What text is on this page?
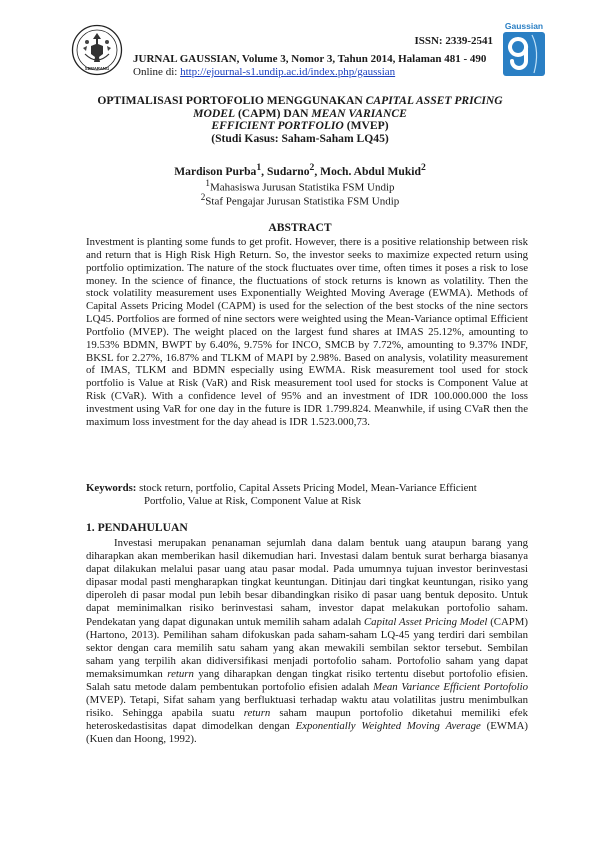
SEMARANG
Gaussian
ISSN: 2339-2541
JURNAL GAUSSIAN, Volume 3, Nomor 3, Tahun 2014, Halaman 481 - 490
Online di: http://ejournal-s1.undip.ac.id/index.php/gaussian
OPTIMALISASI PORTOFOLIO MENGGUNAKAN CAPITAL ASSET PRICING
MODEL (CAPM) DAN MEAN VARIANCE
EFFICIENT PORTFOLIO (MVEP)
(Studi Kasus: Saham-Saham LQ45)
Mardison Purba$^1$, Sudarno$^2$, Moch. Abdul Mukid$^2$
$^1$Mahasiswa Jurusan Statistika FSM Undip
$^2$Staf Pengajar Jurusan Statistika FSM Undip
ABSTRACT
Investment is planting some funds to get profit. However, there is a positive relationship between risk and return that is High Risk High Return. So, the investor seeks to maximize expected return using portfolio optimization. The nature of the stock fluctuates over time, often times it poses a risk to lose money. In the science of finance, the fluctuations of stock returns is known as volatility. Then the stock volatility measurement uses Exponentially Weighted Moving Average (EWMA). Methods of Capital Assets Pricing Model (CAPM) is used for the selection of the best stocks of the nine sectors LQ45. Portfolios are formed of nine sectors were weighted using the Mean-Variance optimal Efficient Portfolio (MVEP). The weight placed on the largest fund shares at IMAS 25.12%, amounting to 19.53% BDMN, BWPT by 6.40%, 9.75% for INCO, SMCB by 7.72%, amounting to 9.37% INDF, BKSL for 2.27%, 16.87% and TLKM of MAPI by 2.98%. Based on analysis, volatility measurement of IMAS, TLKM and BDMN especially using EWMA. Risk measurement tool used for stock portfolio is Value at Risk (VaR) and Risk measurement tool used for stocks is Component Value at Risk (CVaR). With a confidence level of 95% and an investment of IDR 100.000.000 the loss investment using VaR for one day in the future is IDR 1.799.824. Meanwhile, if using CVaR then the maximum loss investment for the day ahead is IDR 1.523.000,73.
Keywords: stock return, portfolio, Capital Assets Pricing Model, Mean-Variance Efficient
Portfolio, Value at Risk, Component Value at Risk
1. PENDAHULUAN
Investasi merupakan penanaman sejumlah dana dalam bentuk uang ataupun barang yang diharapkan akan memberikan hasil dikemudian hari. Investasi dalam bentuk surat berharga biasanya dapat dilakukan melalui pasar uang atau pasar modal. Pada umumnya tujuan investor berinvestasi dipasar modal pasti mengharapkan tingkat keuntungan. Ditinjau dari tingkat keuntungan, risiko yang diperoleh di pasar modal pun lebih besar dibandingkan risiko di pasar uang bentuk deposito. Untuk dapat meminimalkan risiko berinvestasi saham, investor dapat melakukan portofolio saham. Pendekatan yang dapat digunakan untuk memilih saham adalah Capital Asset Pricing Model (CAPM) (Hartono, 2013). Pemilihan saham difokuskan pada saham-saham LQ-45 yang terdiri dari sembilan sektor dengan cara memilih satu saham yang akan mewakili sembilan sektor tersebut. Sembilan saham yang terpilih akan didiversifikasi menjadi portofolio saham. Portofolio saham yang dapat memaksimumkan return yang diharapkan dengan tingkat risiko tertentu disebut portofolio efisien. Salah satu metode dalam pembentukan portofolio efisien adalah Mean Variance Efficient Portofolio (MVEP). Tetapi, Sifat saham yang berfluktuasi terhadap waktu atau volatilitas justru menimbulkan risiko. Sehingga apabila suatu return saham maupun portofolio diketahui memiliki efek heteroskedastisitas dapat dimodelkan dengan Exponentially Weighted Moving Average (EWMA) (Kuen dan Hoong, 1992).
